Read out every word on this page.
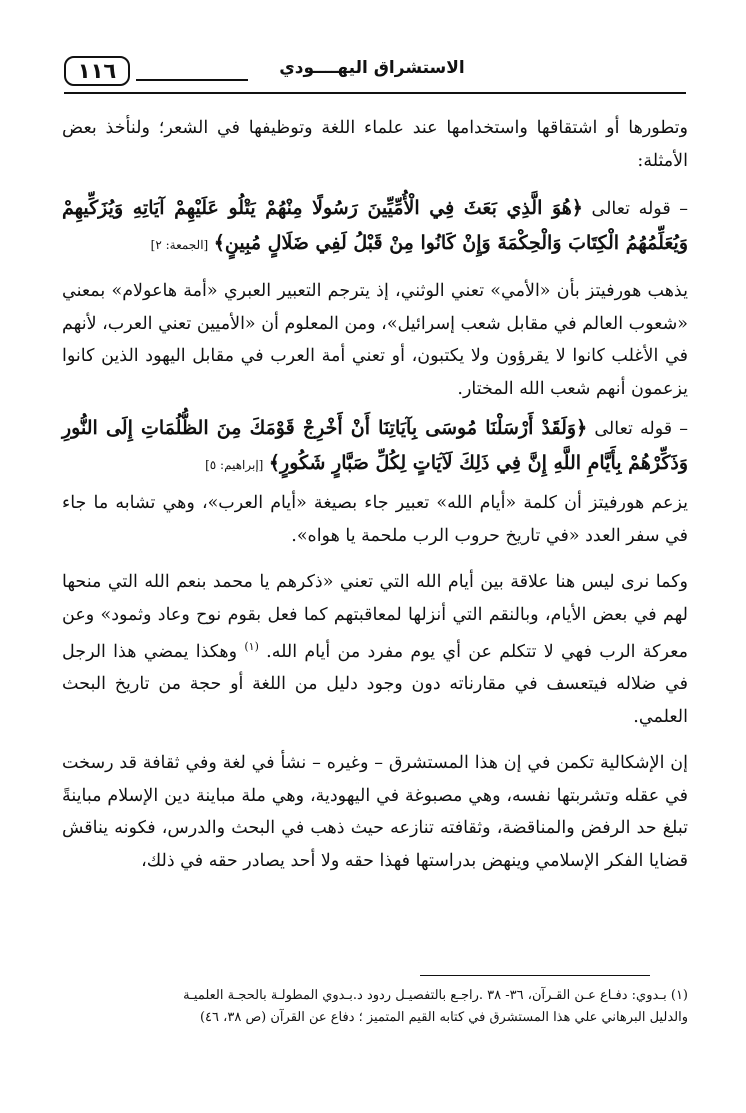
١١٦	الاستشراق اليهــــودي

وتطورها أو اشتقاقها واستخدامها عند علماء اللغة وتوظيفها في الشعر؛ ولنأخذ بعض الأمثلة:

– قوله تعالى ﴿هُوَ الَّذِي بَعَثَ فِي الْأُمِّيِّينَ رَسُولًا مِنْهُمْ يَتْلُو عَلَيْهِمْ آيَاتِهِ وَيُزَكِّيهِمْ وَيُعَلِّمُهُمُ الْكِتَابَ وَالْحِكْمَةَ وَإِنْ كَانُوا مِنْ قَبْلُ لَفِي ضَلَالٍ مُبِينٍ﴾ [الجمعة: ٢]

يذهب هورفيتز بأن «الأمي» تعني الوثني، إذ يترجم التعبير العبري «أمة هاعولام» بمعني «شعوب العالم في مقابل شعب إسرائيل»، ومن المعلوم أن «الأميين تعني العرب، لأنهم في الأغلب كانوا لا يقرؤون ولا يكتبون، أو تعني أمة العرب في مقابل اليهود الذين كانوا يزعمون أنهم شعب الله المختار.

– قوله تعالى ﴿وَلَقَدْ أَرْسَلْنَا مُوسَى بِآيَاتِنَا أَنْ أَخْرِجْ قَوْمَكَ مِنَ الظُّلُمَاتِ إِلَى النُّورِ وَذَكِّرْهُمْ بِأَيَّامِ اللَّهِ إِنَّ فِي ذَلِكَ لَآيَاتٍ لِكُلِّ صَبَّارٍ شَكُورٍ﴾ [إبراهيم: ٥]

يزعم هورفيتز أن كلمة «أيام الله» تعبير جاء بصيغة «أيام العرب»، وهي تشابه ما جاء في سفر العدد «في تاريخ حروب الرب ملحمة يا هواه».

وكما نرى ليس هنا علاقة بين أيام الله التي تعني «ذكرهم يا محمد بنعم الله التي منحها لهم في بعض الأيام، وبالنقم التي أنزلها لمعاقبتهم كما فعل بقوم نوح وعاد وثمود» وعن معركة الرب فهي لا تتكلم عن أي يوم مفرد من أيام الله. $^{(١)}$ وهكذا يمضي هذا الرجل في ضلاله فيتعسف في مقارناته دون وجود دليل من اللغة أو حجة من تاريخ البحث العلمي.

إن الإشكالية تكمن في إن هذا المستشرق – وغيره – نشأ في لغة وفي ثقافة قد رسخت في عقله وتشربتها نفسه، وهي مصبوغة في اليهودية، وهي ملة مباينة دين الإسلام مباينةً تبلغ حد الرفض والمناقضة، وثقافته تنازعه حيث ذهب في البحث والدرس، فكونه يناقش قضايا الفكر الإسلامي وينهض بدراستها فهذا حقه ولا أحد يصادر حقه في ذلك،

(١) بـدوي: دفـاع عـن القـرآن، ٣٦- ٣٨ .راجـع بالتفصيـل ردود د.بـدوي المطولـة بالحجـة العلميـة

والدليل البرهاني علي هذا المستشرق في كتابه القيم المتميز ؛ دفاع عن القرآن (ص ٣٨، ٤٦)
